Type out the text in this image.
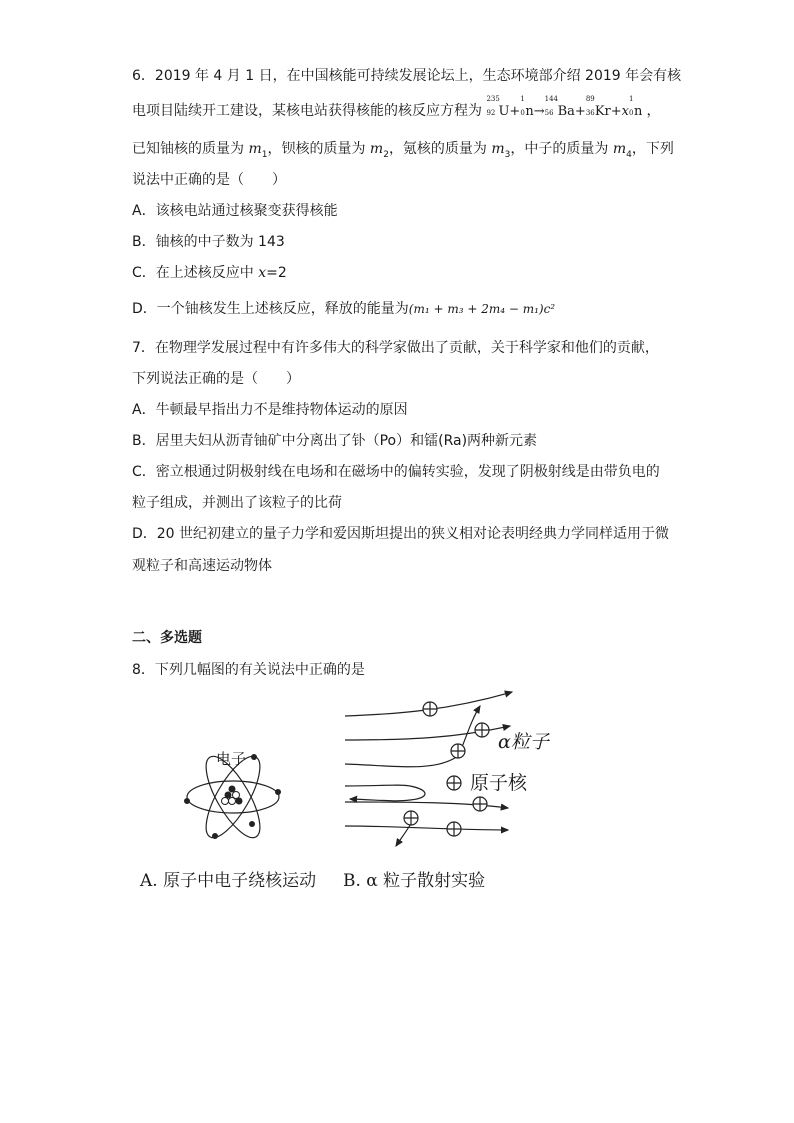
6．2019 年 4 月 1 日，在中国核能可持续发展论坛上，生态环境部介绍 2019 年会有核
电项目陆续开工建设，某核电站获得核能的核反应方程为
235
92 U+
1
0 n→
144
56 Ba+
89
36 Kr+x
1
0 n ，
已知铀核的质量为 $m_1$，钡核的质量为 $m_2$，氪核的质量为 $m_3$，中子的质量为 $m_4$，下列
说法中正确的是（　　）
A．该核电站通过核聚变获得核能
B．铀核的中子数为 143
C．在上述核反应中 x=2
D．一个铀核发生上述核反应，释放的能量为(m₁ + m₃ + 2m₄ − m₁)c²
7．在物理学发展过程中有许多伟大的科学家做出了贡献，关于科学家和他们的贡献，
下列说法正确的是（　　）
A．牛顿最早指出力不是维持物体运动的原因
B．居里夫妇从沥青铀矿中分离出了钋（Po）和镭(Ra)两种新元素
C．密立根通过阴极射线在电场和在磁场中的偏转实验，发现了阴极射线是由带负电的
粒子组成，并测出了该粒子的比荷
D．20 世纪初建立的量子力学和爱因斯坦提出的狭义相对论表明经典力学同样适用于微
观粒子和高速运动物体
二、多选题
8．下列几幅图的有关说法中正确的是
电子
α粒子
原子核
A. 原子中电子绕核运动 B. α 粒子散射实验
